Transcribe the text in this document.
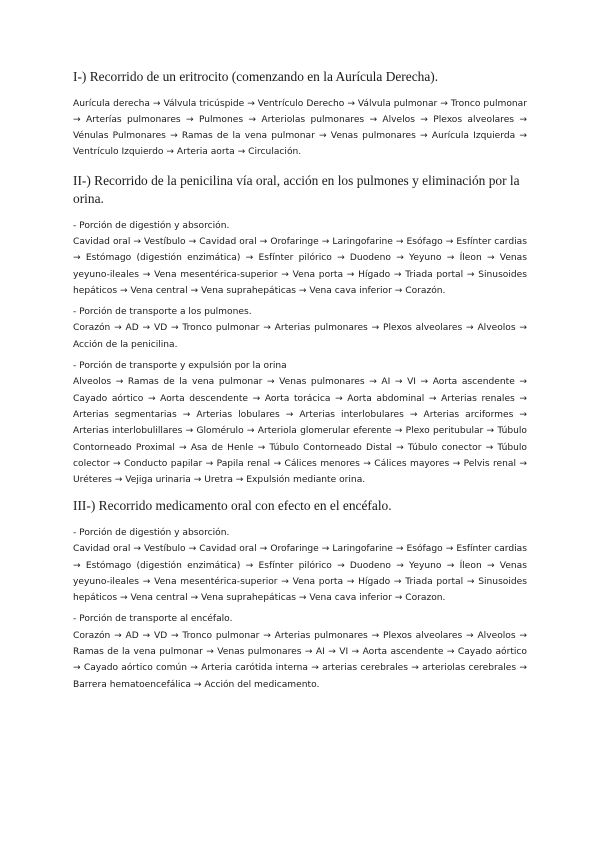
I-) Recorrido de un eritrocito (comenzando en la Aurícula Derecha).

Aurícula derecha → Válvula tricúspide → Ventrículo Derecho → Válvula pulmonar → Tronco pulmonar → Arterías pulmonares → Pulmones → Arteriolas pulmonares → Alvelos → Plexos alveolares → Vénulas Pulmonares → Ramas de la vena pulmonar → Venas pulmonares → Aurícula Izquierda → Ventrículo Izquierdo → Arteria aorta → Circulación.

II-) Recorrido de la penicilina vía oral, acción en los pulmones y eliminación por la orina.

- Porción de digestión y absorción.

Cavidad oral → Vestíbulo → Cavidad oral → Orofaringe → Laringofarine → Esófago → Esfínter cardias → Estómago (digestión enzimática) → Esfínter pilórico → Duodeno → Yeyuno → Íleon → Venas yeyuno-ileales → Vena mesentérica-superior → Vena porta → Hígado → Triada portal → Sinusoides hepáticos → Vena central → Vena suprahepáticas → Vena cava inferior → Corazón.

- Porción de transporte a los pulmones.

Corazón → AD → VD → Tronco pulmonar → Arterias pulmonares → Plexos alveolares → Alveolos → Acción de la penicilina.

- Porción de transporte y expulsión por la orina

Alveolos → Ramas de la vena pulmonar → Venas pulmonares → AI → VI → Aorta ascendente → Cayado aórtico → Aorta descendente → Aorta torácica → Aorta abdominal → Arterias renales → Arterias segmentarias → Arterias lobulares → Arterias interlobulares → Arterias arciformes → Arterias interlobulillares → Glomérulo → Arteriola glomerular eferente → Plexo peritubular → Túbulo Contorneado Proximal → Asa de Henle → Túbulo Contorneado Distal → Túbulo conector → Túbulo colector → Conducto papilar → Papila renal → Cálices menores → Cálices mayores → Pelvis renal → Uréteres → Vejiga urinaria → Uretra → Expulsión mediante orina.

III-) Recorrido medicamento oral con efecto en el encéfalo.

- Porción de digestión y absorción.

Cavidad oral → Vestíbulo → Cavidad oral → Orofaringe → Laringofarine → Esófago → Esfínter cardias → Estómago (digestión enzimática) → Esfínter pilórico → Duodeno → Yeyuno → Íleon → Venas yeyuno-ileales → Vena mesentérica-superior → Vena porta → Hígado → Triada portal → Sinusoides hepáticos → Vena central → Vena suprahepáticas → Vena cava inferior → Corazon.

- Porción de transporte al encéfalo.

Corazón → AD → VD → Tronco pulmonar → Arterias pulmonares → Plexos alveolares → Alveolos → Ramas de la vena pulmonar → Venas pulmonares → AI → VI → Aorta ascendente → Cayado aórtico → Cayado aórtico común → Arteria carótida interna → arterias cerebrales → arteriolas cerebrales → Barrera hematoencefálica → Acción del medicamento.
